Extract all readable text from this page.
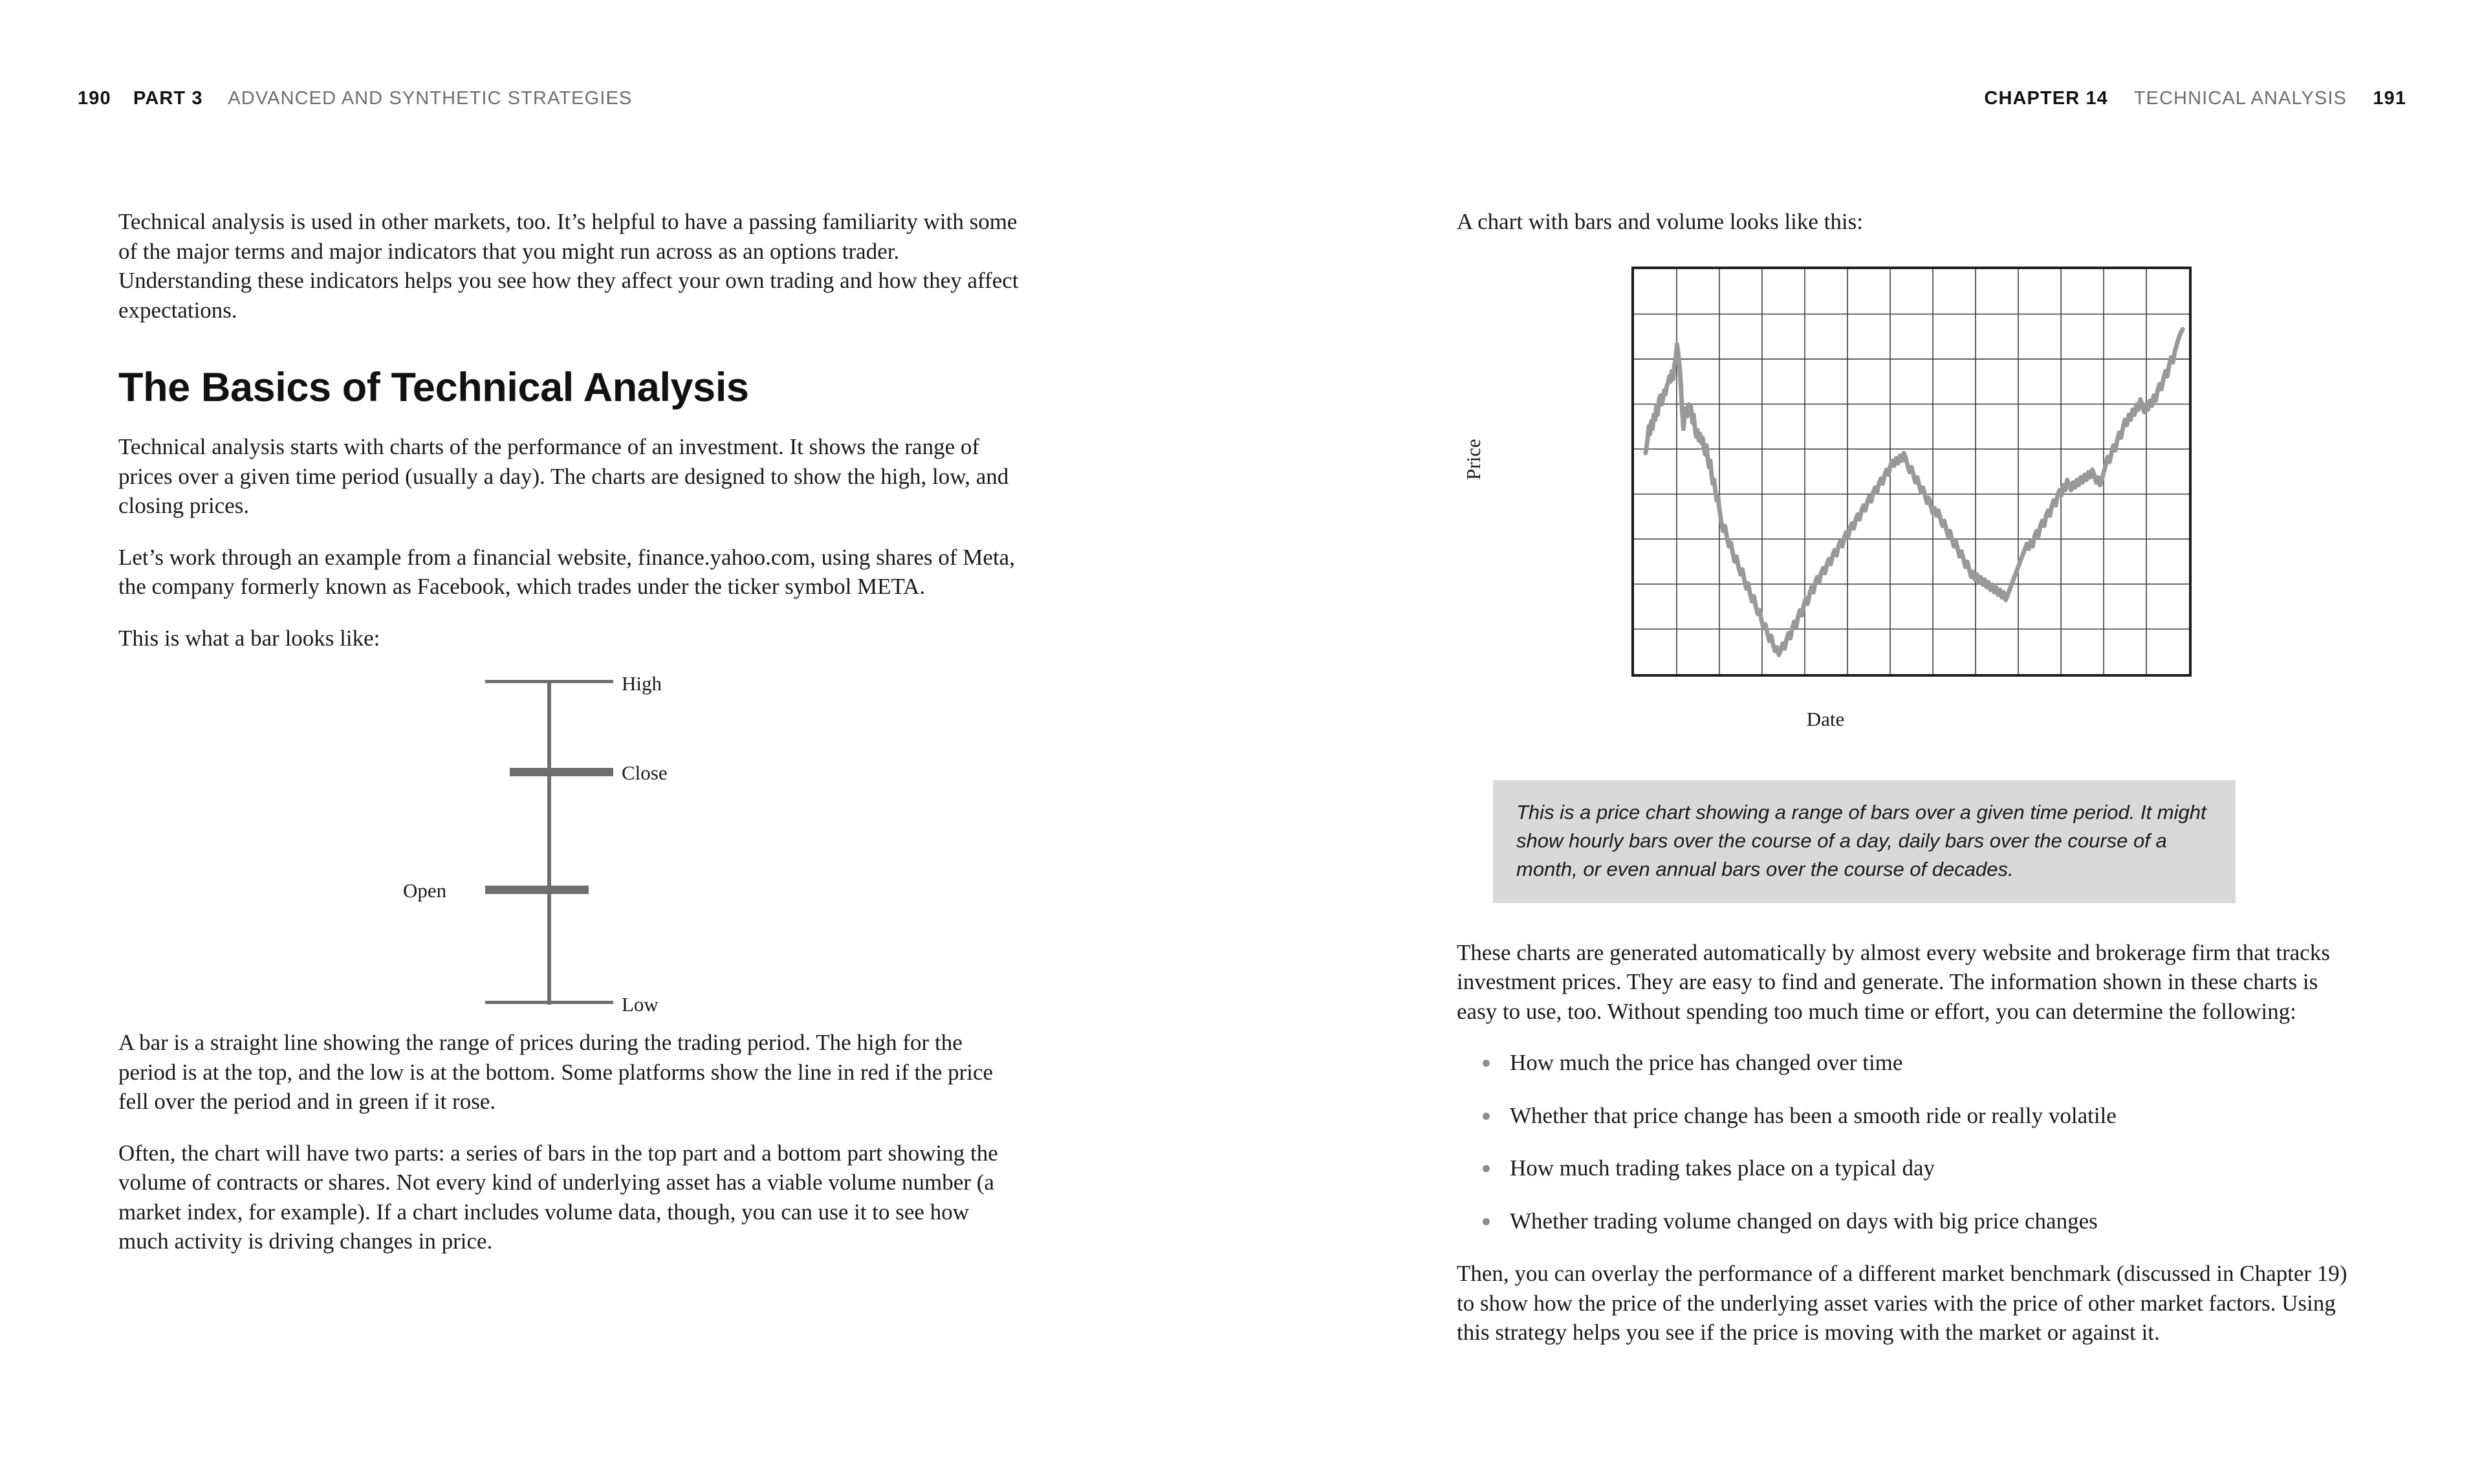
190 PART 3 ADVANCED AND SYNTHETIC STRATEGIES	CHAPTER 14 TECHNICAL ANALYSIS 191

Technical analysis is used in other markets, too. It’s helpful to have a passing familiarity with some of the major terms and major indicators that you might run across as an options trader. Understanding these indicators helps you see how they affect your own trading and how they affect expectations.

The Basics of Technical Analysis

Technical analysis starts with charts of the performance of an investment. It shows the range of prices over a given time period (usually a day). The charts are designed to show the high, low, and closing prices.

Let’s work through an example from a financial website, finance.yahoo.com, using shares of Meta, the company formerly known as Facebook, which trades under the ticker symbol META.

This is what a bar looks like:

High
Close
Open
Low

A bar is a straight line showing the range of prices during the trading period. The high for the period is at the top, and the low is at the bottom. Some platforms show the line in red if the price fell over the period and in green if it rose.

Often, the chart will have two parts: a series of bars in the top part and a bottom part showing the volume of contracts or shares. Not every kind of underlying asset has a viable volume number (a market index, for example). If a chart includes volume data, though, you can use it to see how much activity is driving changes in price.

A chart with bars and volume looks like this:

Price
Date

This is a price chart showing a range of bars over a given time period. It might show hourly bars over the course of a day, daily bars over the course of a month, or even annual bars over the course of decades.

These charts are generated automatically by almost every website and brokerage firm that tracks investment prices. They are easy to find and generate. The information shown in these charts is easy to use, too. Without spending too much time or effort, you can determine the following:

How much the price has changed over time
Whether that price change has been a smooth ride or really volatile
How much trading takes place on a typical day
Whether trading volume changed on days with big price changes

Then, you can overlay the performance of a different market benchmark (discussed in Chapter 19) to show how the price of the underlying asset varies with the price of other market factors. Using this strategy helps you see if the price is moving with the market or against it.
